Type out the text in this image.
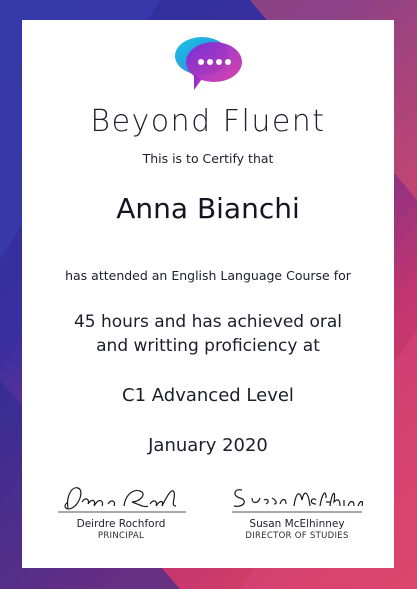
Beyond Fluent
This is to Certify that
Anna Bianchi
has attended an English Language Course for
45 hours and has achieved oral
and writting proficiency at
C1 Advanced Level
January 2020
Deirdre Rochford
PRINCIPAL
Susan McElhinney
DIRECTOR OF STUDIES
